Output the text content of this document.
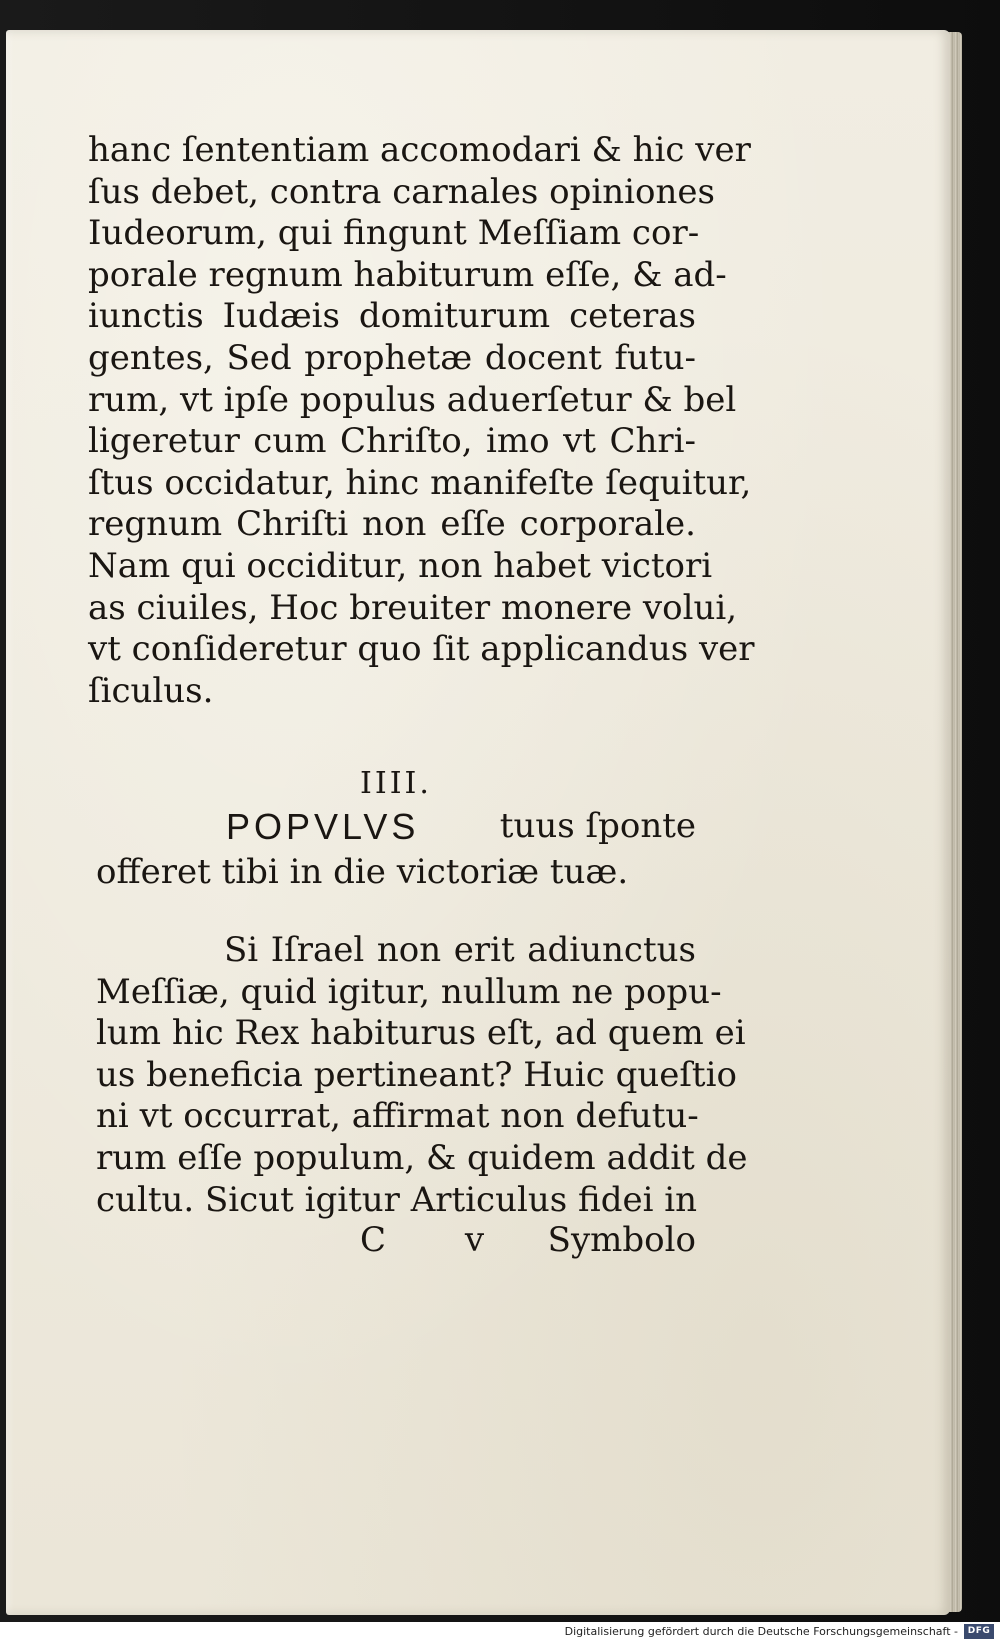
hanc ſententiam accomodari & hic ver
ſus debet, contra carnales opiniones
Iudeorum, qui fingunt Meſſiam cor-
porale regnum habiturum eſſe, & ad-
iunctis Iudæis domiturum ceteras
gentes, Sed prophetæ docent futu-
rum, vt ipſe populus aduerſetur & bel
ligeretur cum Chriſto, imo vt Chri-
ſtus occidatur, hinc manifeſte ſequitur,
regnum Chriſti non eſſe corporale.
Nam qui occiditur, non habet victori
as ciuiles, Hoc breuiter monere volui,
vt conſideretur quo ſit applicandus ver
ſiculus.
IIII.
POPVLVS tuus ſponte
offeret tibi in die victoriæ tuæ.
Si Iſrael non erit adiunctus
Meſſiæ, quid igitur, nullum ne popu-
lum hic Rex habiturus eſt, ad quem ei
us beneficia pertineant? Huic queſtio
ni vt occurrat, affirmat non defutu-
rum eſſe populum, & quidem addit de
cultu. Sicut igitur Articulus fidei in
C v Symbolo
Digitalisierung gefördert durch die Deutsche Forschungsgemeinschaft -	DFG
